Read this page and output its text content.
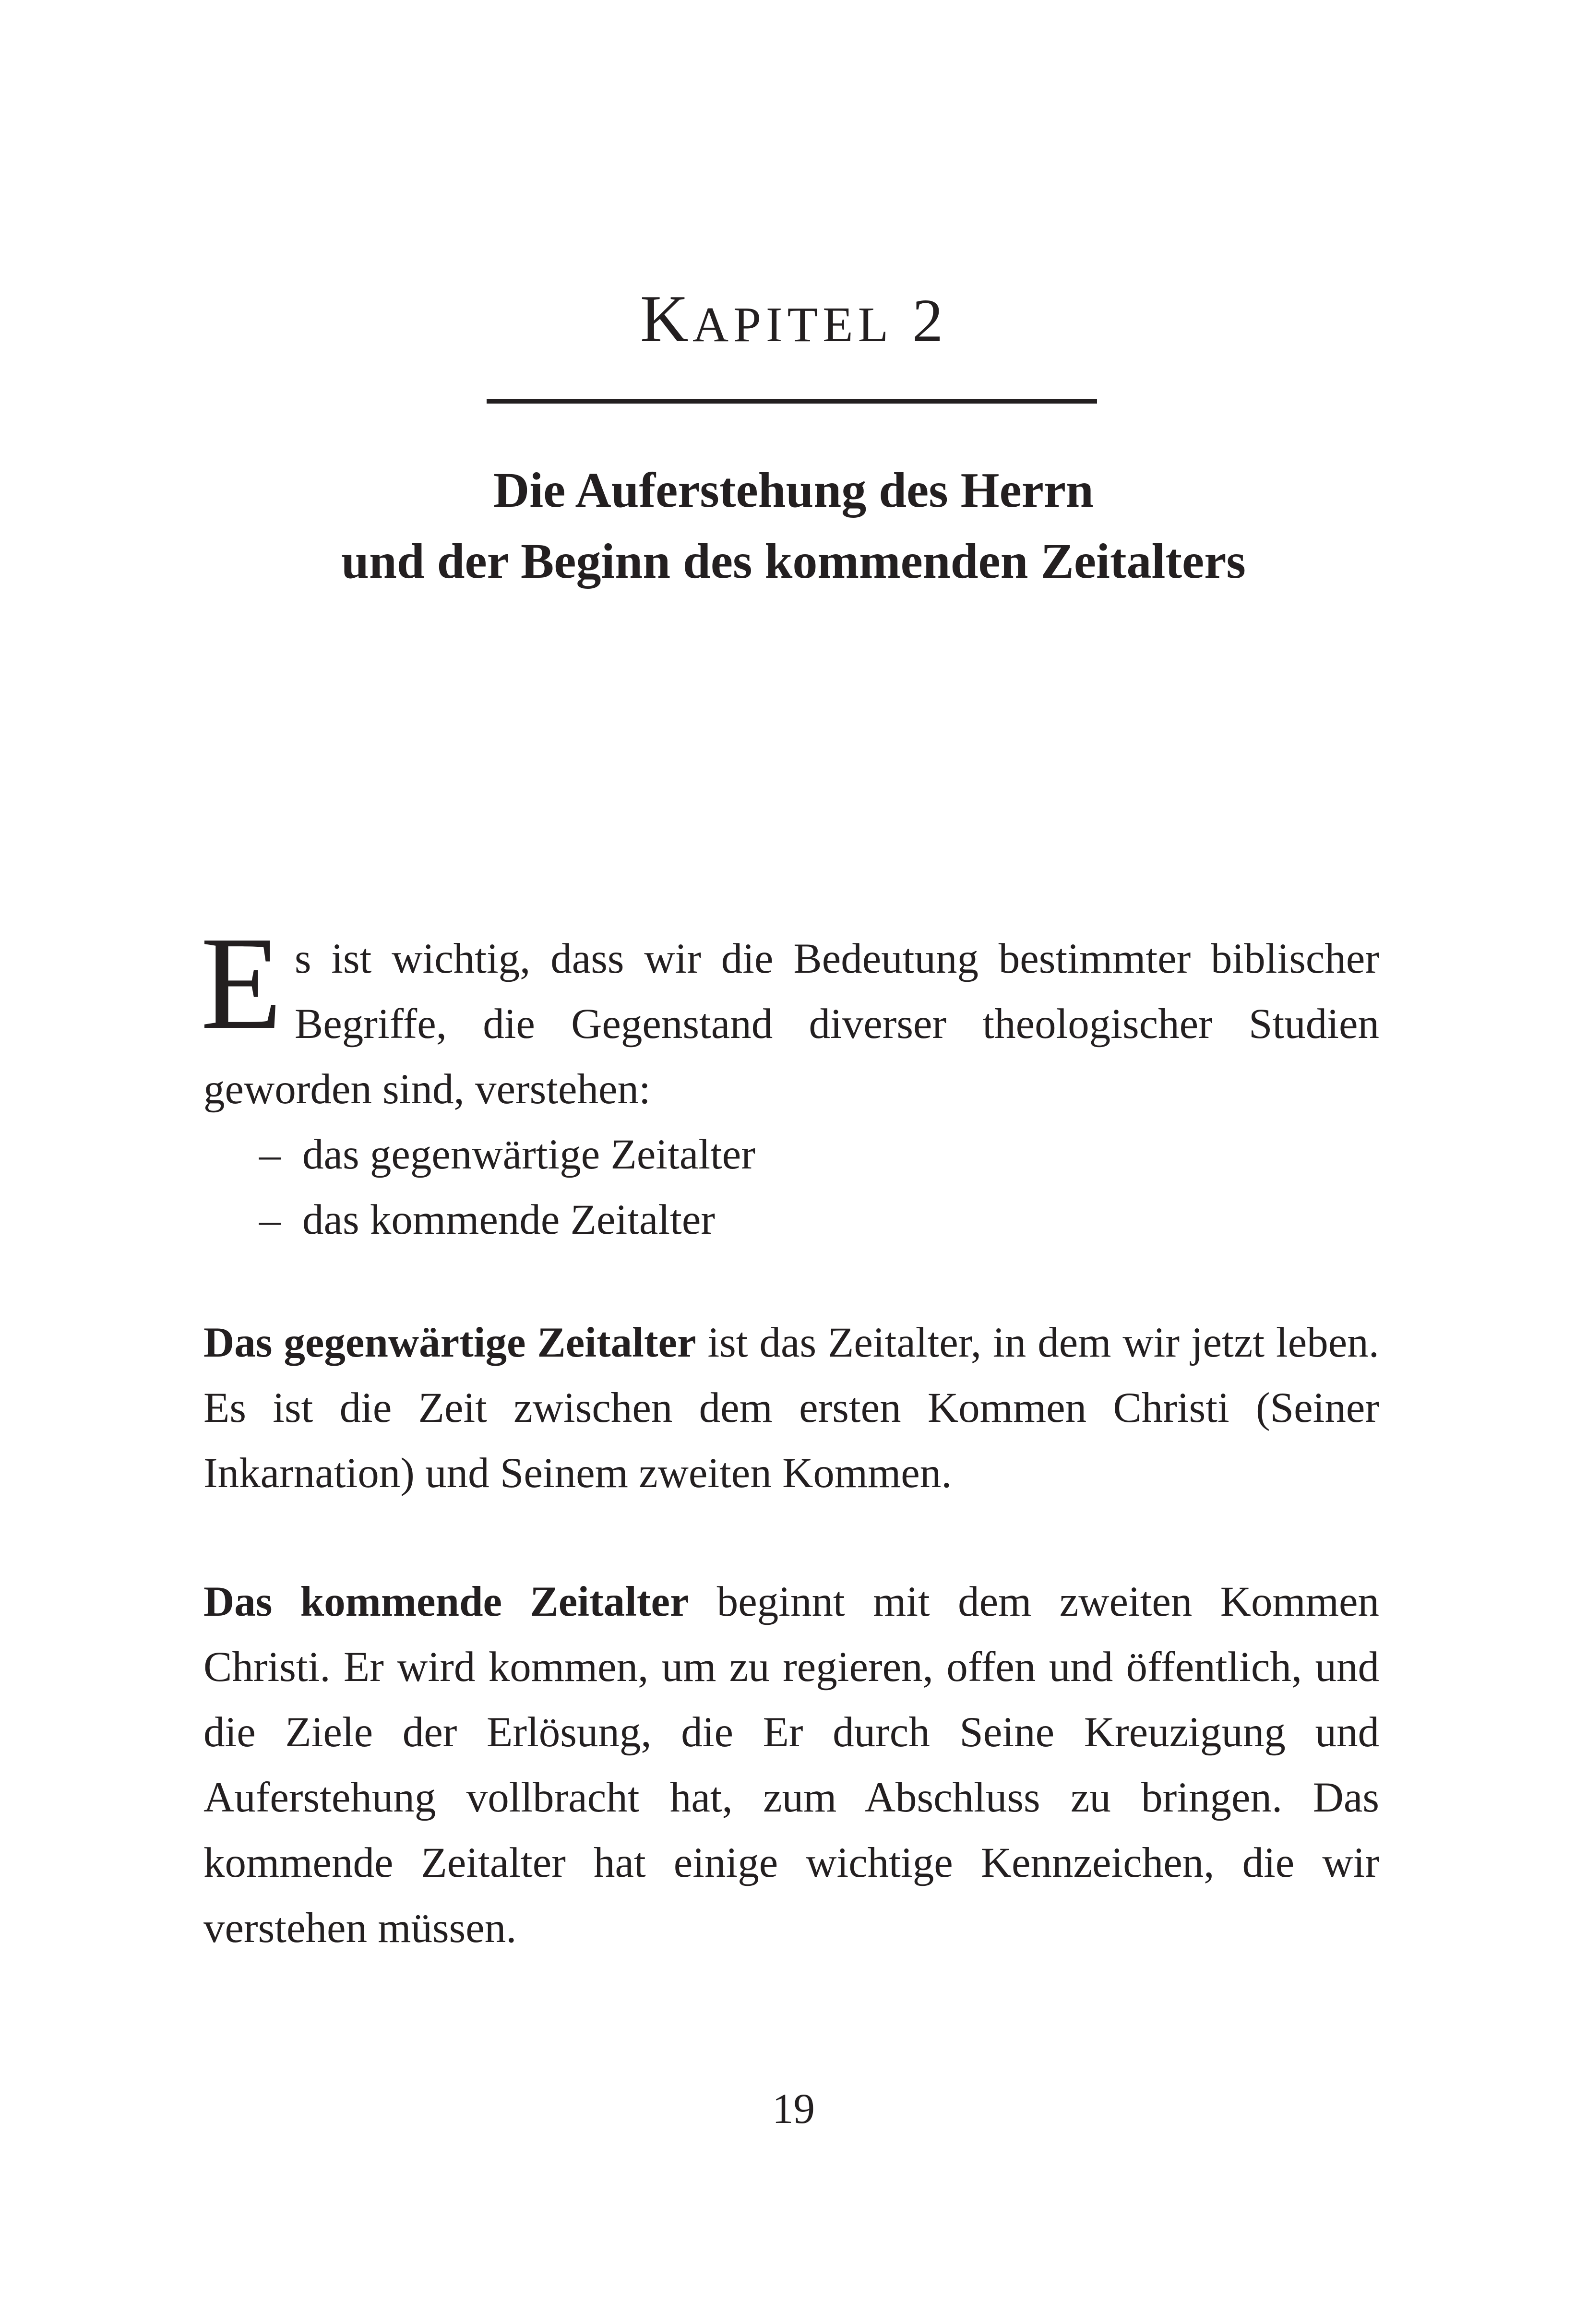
KAPITEL 2
Die Auferstehung des Herrn
und der Beginn des kommenden Zeitalters
Es ist wichtig, dass wir die Bedeutung bestimmter biblischer Begriffe, die Gegenstand diverser theologischer Studien geworden sind, verstehen:
– das gegenwärtige Zeitalter
– das kommende Zeitalter
Das gegenwärtige Zeitalter ist das Zeitalter, in dem wir jetzt leben. Es ist die Zeit zwischen dem ersten Kommen Christi (Seiner Inkarnation) und Seinem zweiten Kommen.
Das kommende Zeitalter beginnt mit dem zweiten Kommen Christi. Er wird kommen, um zu regieren, offen und öffentlich, und die Ziele der Erlösung, die Er durch Seine Kreuzigung und Auferstehung vollbracht hat, zum Abschluss zu bringen. Das kommende Zeitalter hat einige wichtige Kennzeichen, die wir verstehen müssen.
19
